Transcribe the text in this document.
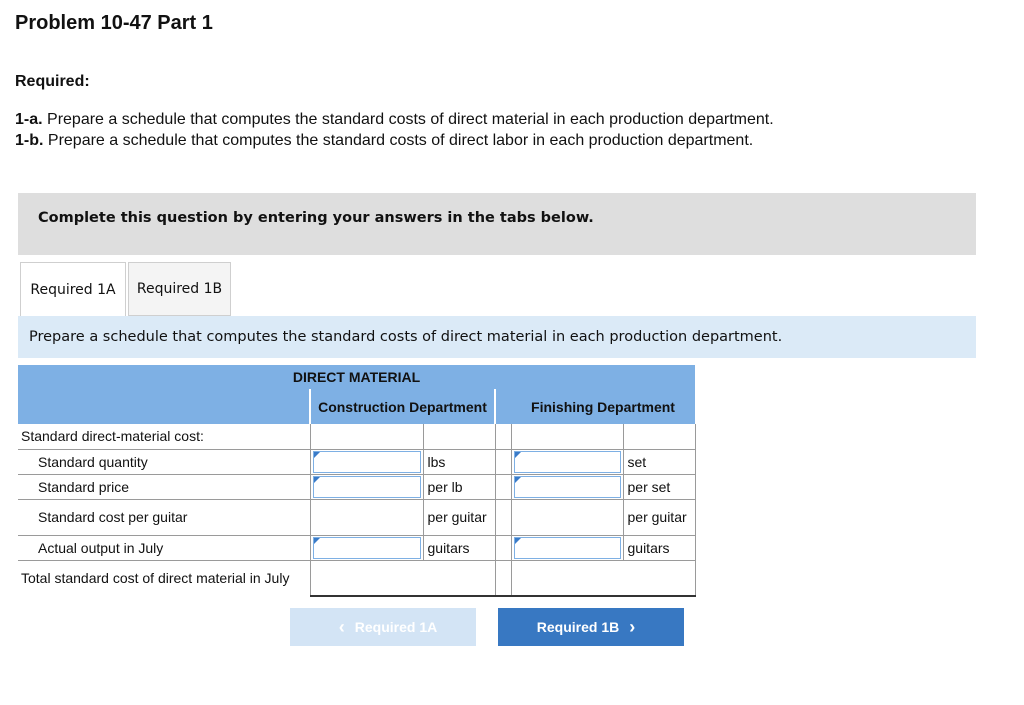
Problem 10-47 Part 1
Required:

1-a. Prepare a schedule that computes the standard costs of direct material in each production department.

1-b. Prepare a schedule that computes the standard costs of direct labor in each production department.

Complete this question by entering your answers in the tabs below.
Required 1A	Required 1B
Prepare a schedule that computes the standard costs of direct material in each production department.
DIRECT MATERIAL					
	Construction Department			Finishing Department	
Standard direct-material cost:					
Standard quantity		lbs			set
Standard price		per lb			per set
Standard cost per guitar		per guitar			per guitar
Actual output in July		guitars			guitars
Total standard cost of direct material in July					
‹ Required 1A	Required 1B ›
